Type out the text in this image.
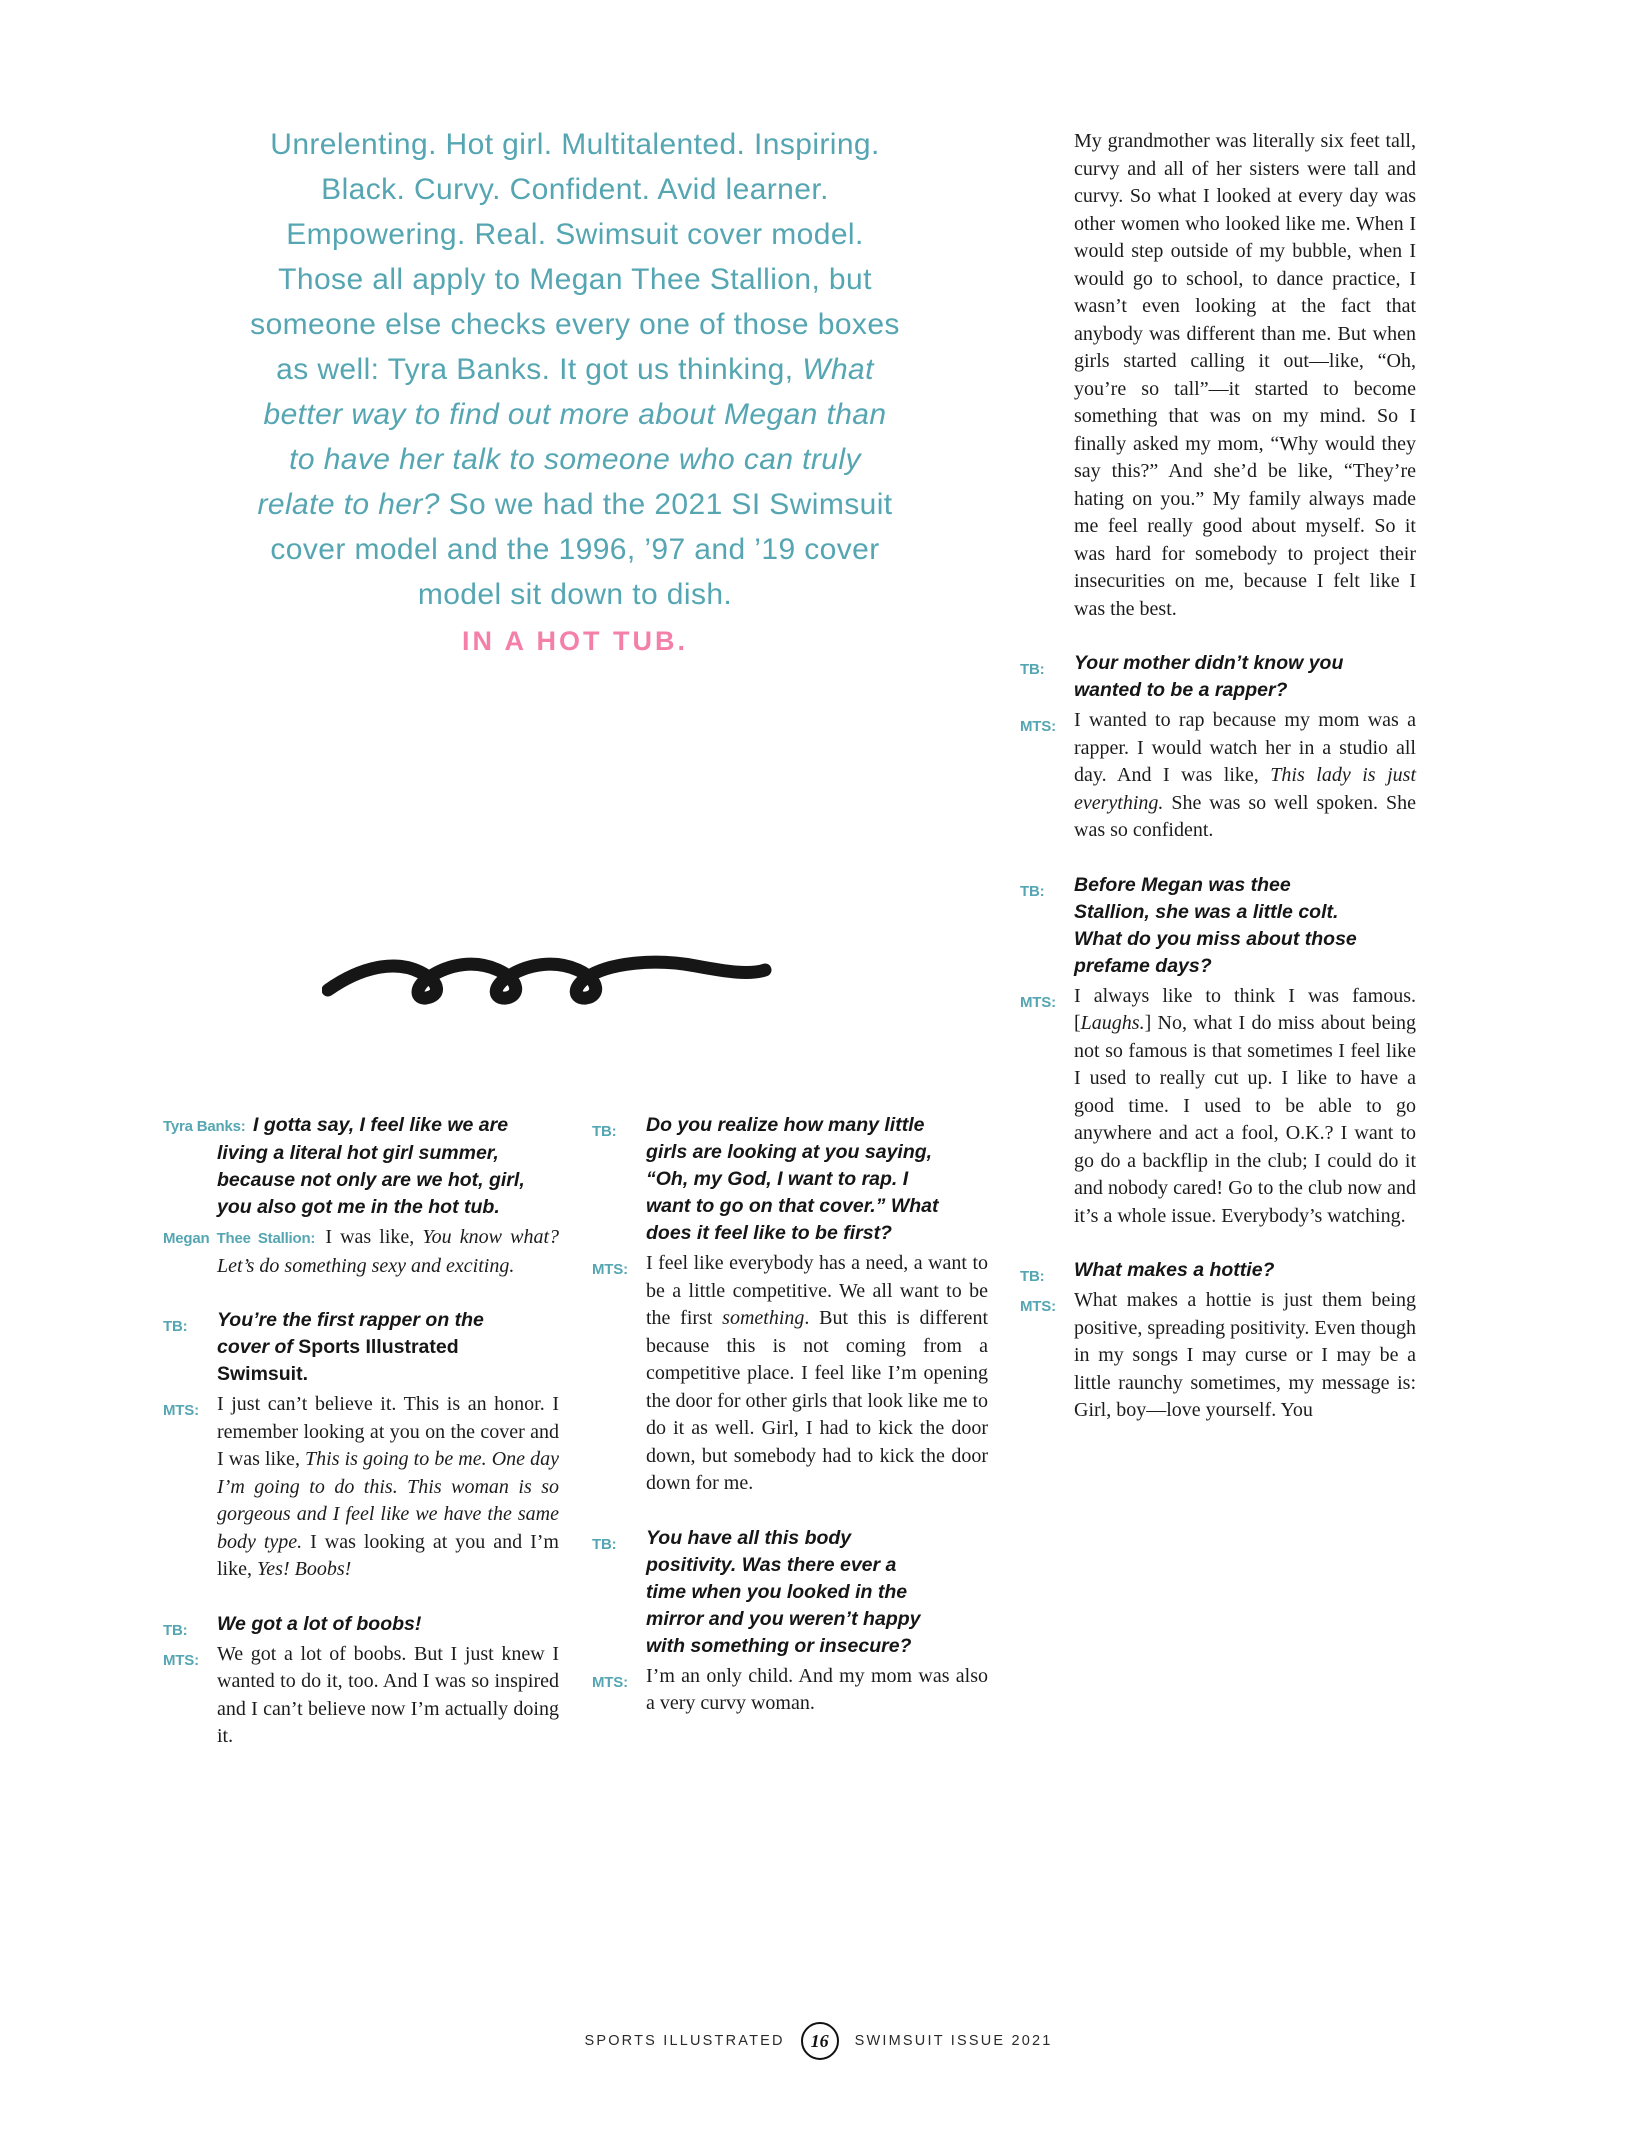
Unrelenting. Hot girl. Multitalented. Inspiring. Black. Curvy. Confident. Avid learner. Empowering. Real. Swimsuit cover model. Those all apply to Megan Thee Stallion, but someone else checks every one of those boxes as well: Tyra Banks. It got us thinking, What better way to find out more about Megan than to have her talk to someone who can truly relate to her? So we had the 2021 SI Swimsuit cover model and the 1996, ’97 and ’19 cover model sit down to dish.

IN A HOT TUB.

Tyra Banks: I gotta say, I feel like we are living a literal hot girl summer, because not only are we hot, girl, you also got me in the hot tub.

Megan Thee Stallion: I was like, You know what? Let’s do something sexy and exciting.

TB: You’re the first rapper on the cover of Sports Illustrated Swimsuit.

MTS: I just can’t believe it. This is an honor. I remember looking at you on the cover and I was like, This is going to be me. One day I’m going to do this. This woman is so gorgeous and I feel like we have the same body type. I was looking at you and I’m like, Yes! Boobs!

TB: We got a lot of boobs!

MTS: We got a lot of boobs. But I just knew I wanted to do it, too. And I was so inspired and I can’t believe now I’m actually doing it.

TB: Do you realize how many little girls are looking at you saying, “Oh, my God, I want to rap. I want to go on that cover.” What does it feel like to be first?

MTS: I feel like everybody has a need, a want to be a little competitive. We all want to be the first something. But this is different because this is not coming from a competitive place. I feel like I’m opening the door for other girls that look like me to do it as well. Girl, I had to kick the door down, but somebody had to kick the door down for me.

TB: You have all this body positivity. Was there ever a time when you looked in the mirror and you weren’t happy with something or insecure?

MTS: I’m an only child. And my mom was also a very curvy woman.

My grandmother was literally six feet tall, curvy and all of her sisters were tall and curvy. So what I looked at every day was other women who looked like me. When I would step outside of my bubble, when I would go to school, to dance practice, I wasn’t even looking at the fact that anybody was different than me. But when girls started calling it out—like, “Oh, you’re so tall”—it started to become something that was on my mind. So I finally asked my mom, “Why would they say this?” And she’d be like, “They’re hating on you.” My family always made me feel really good about myself. So it was hard for somebody to project their insecurities on me, because I felt like I was the best.

TB: Your mother didn’t know you wanted to be a rapper?

MTS: I wanted to rap because my mom was a rapper. I would watch her in a studio all day. And I was like, This lady is just everything. She was so well spoken. She was so confident.

TB: Before Megan was thee Stallion, she was a little colt. What do you miss about those prefame days?

MTS: I always like to think I was famous. [Laughs.] No, what I do miss about being not so famous is that sometimes I feel like I used to really cut up. I like to have a good time. I used to be able to go anywhere and act a fool, O.K.? I want to go do a backflip in the club; I could do it and nobody cared! Go to the club now and it’s a whole issue. Everybody’s watching.

TB: What makes a hottie?

MTS: What makes a hottie is just them being positive, spreading positivity. Even though in my songs I may curse or I may be a little raunchy sometimes, my message is: Girl, boy—love yourself. You

SPORTS ILLUSTRATED 16 SWIMSUIT ISSUE 2021
